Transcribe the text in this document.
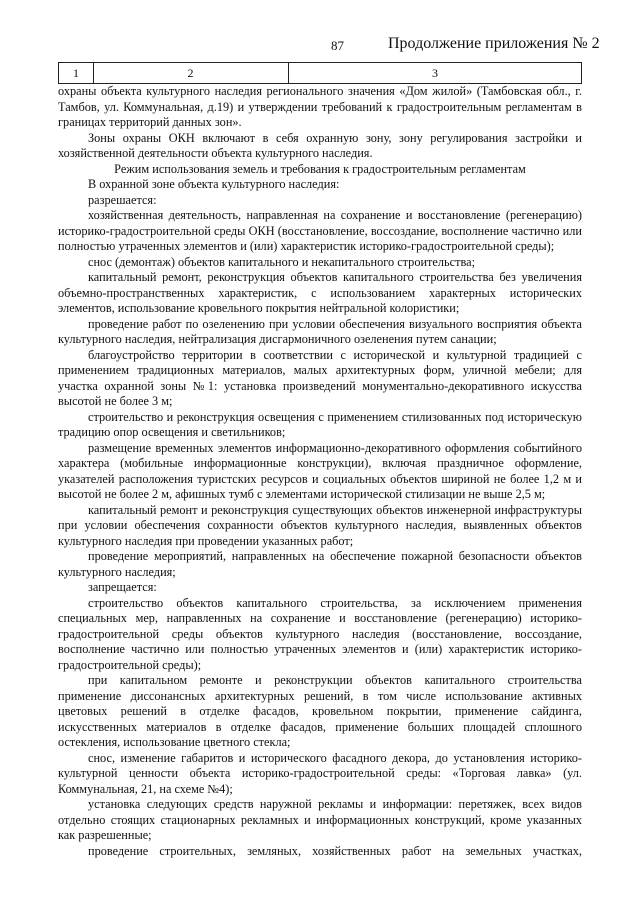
87	Продолжение приложения № 2
1	2	3

охраны объекта культурного наследия регионального значения «Дом жилой» (Тамбовская обл., г. Тамбов, ул. Коммунальная, д.19) и утверждении требований к градостроительным регламентам в границах территорий данных зон».

Зоны охраны ОКН включают в себя охранную зону, зону регулирования застройки и хозяйственной деятельности объекта культурного наследия.

Режим использования земель и требования к градостроительным регламентам

В охранной зоне объекта культурного наследия:

разрешается:

хозяйственная деятельность, направленная на сохранение и восстановление (регенерацию) историко-градостроительной среды ОКН (восстановление, воссоздание, восполнение частично или полностью утраченных элементов и (или) характеристик историко-градостроительной среды);

снос (демонтаж) объектов капитального и некапитального строительства;

капитальный ремонт, реконструкция объектов капитального строительства без увеличения объемно-пространственных характеристик, с использованием характерных исторических элементов, использование кровельного покрытия нейтральной колористики;

проведение работ по озеленению при условии обеспечения визуального восприятия объекта культурного наследия, нейтрализация дисгармоничного озеленения путем санации;

благоустройство территории в соответствии с исторической и культурной традицией с применением традиционных материалов, малых архитектурных форм, уличной мебели; для участка охранной зоны №1: установка произведений монументально-декоративного искусства высотой не более 3 м;

строительство и реконструкция освещения с применением стилизованных под историческую традицию опор освещения и светильников;

размещение временных элементов информационно-декоративного оформления событийного характера (мобильные информационные конструкции), включая праздничное оформление, указателей расположения туристских ресурсов и социальных объектов шириной не более 1,2 м и высотой не более 2 м, афишных тумб с элементами исторической стилизации не выше 2,5 м;

капитальный ремонт и реконструкция существующих объектов инженерной инфраструктуры при условии обеспечения сохранности объектов культурного наследия, выявленных объектов культурного наследия при проведении указанных работ;

проведение мероприятий, направленных на обеспечение пожарной безопасности объектов культурного наследия;

запрещается:

строительство объектов капитального строительства, за исключением применения специальных мер, направленных на сохранение и восстановление (регенерацию) историко-градостроительной среды объектов культурного наследия (восстановление, воссоздание, восполнение частично или полностью утраченных элементов и (или) характеристик историко-градостроительной среды);

при капитальном ремонте и реконструкции объектов капитального строительства применение диссонансных архитектурных решений, в том числе использование активных цветовых решений в отделке фасадов, кровельном покрытии, применение сайдинга, искусственных материалов в отделке фасадов, применение больших площадей сплошного остекления, использование цветного стекла;

снос, изменение габаритов и исторического фасадного декора, до установления историко-культурной ценности объекта историко-градостроительной среды: «Торговая лавка» (ул. Коммунальная, 21, на схеме №4);

установка следующих средств наружной рекламы и информации: перетяжек, всех видов отдельно стоящих стационарных рекламных и информационных конструкций, кроме указанных как разрешенные;

проведение строительных, земляных, хозяйственных работ на земельных участках,
